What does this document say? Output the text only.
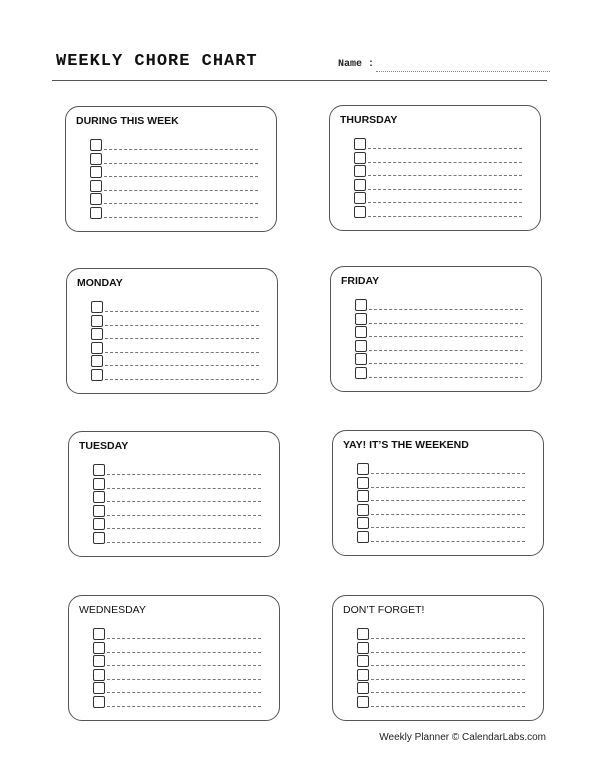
WEEKLY CHORE CHART	Name :
DURING THIS WEEK	THURSDAY
MONDAY	FRIDAY
TUESDAY	YAY! IT’S THE WEEKEND
WEDNESDAY	DON’T FORGET!
Weekly Planner © CalendarLabs.com
